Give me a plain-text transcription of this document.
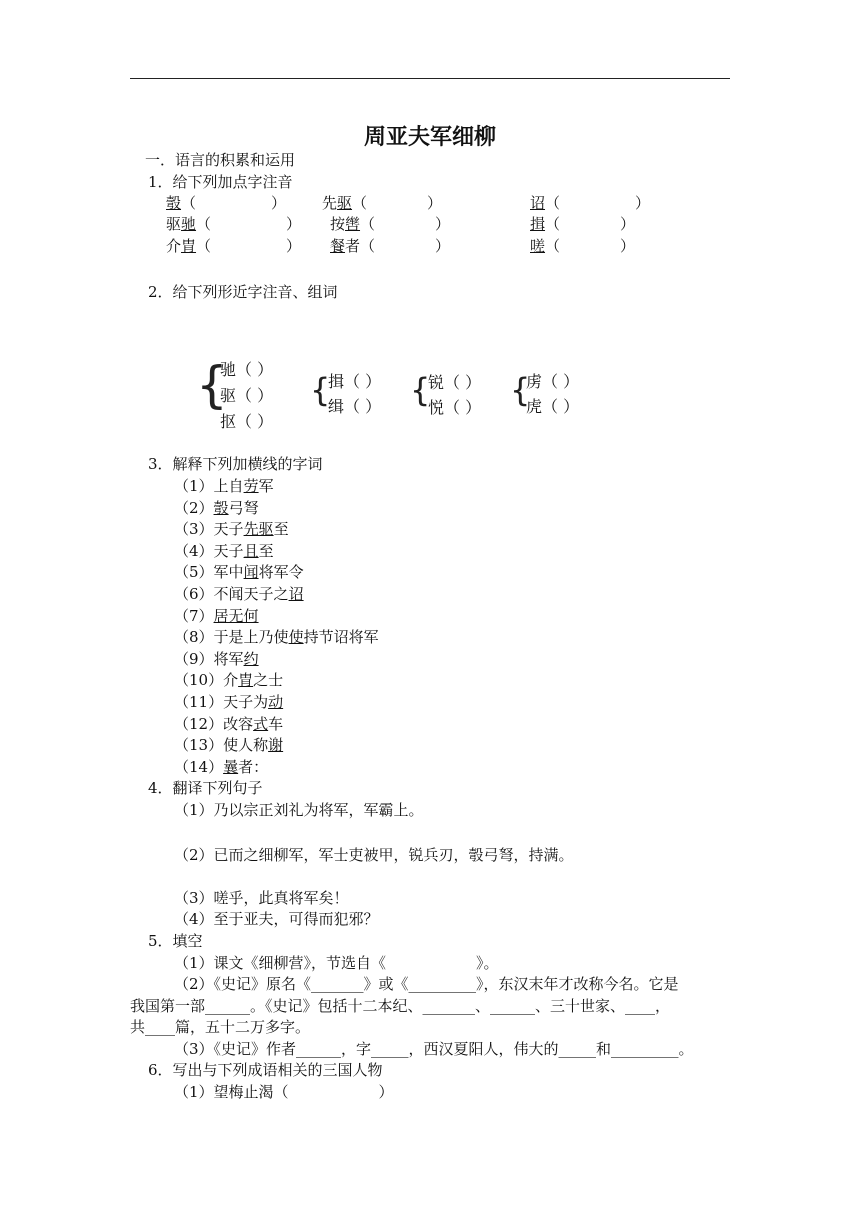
周亚夫军细柳
一．语言的积累和运用
1．给下列加点字注音
彀（　　　　　） 先驱（　　　　）	诏（　　　　　）
驱驰（　　　　　） 按辔（　　　　）	揖（　　　　）
介胄（　　　　　） 餐者（　　　　）	嗟（　　　　）
2．给下列形近字注音、组词
{
驰（ ）
驱（ ）
抠（ ）
{
揖（ ）
缉（ ） {
锐（ ）
悦（ ） {
虏（ ）
虎（ ）
3．解释下列加横线的字词
（1）上自劳军
（2）彀弓弩
（3）天子先驱至
（4）天子且至
（5）军中闻将军令
（6）不闻天子之诏
（7）居无何
（8）于是上乃使使持节诏将军
（9）将军约
（10）介胄之士
（11）天子为动
（12）改容式车
（13）使人称谢
（14）曩者：
4．翻译下列句子
（1）乃以宗正刘礼为将军，军霸上。
（2）已而之细柳军，军士吏被甲，锐兵刃，彀弓弩，持满。
（3）嗟乎，此真将军矣！
（4）至于亚夫，可得而犯邪？
5．填空
（1）课文《细柳营》，节选自《　　　　　　》。
（2）《史记》原名《_______》或《_________》，东汉末年才改称今名。它是
我国第一部______。《史记》包括十二本纪、_______、______、三十世家、____，
共____篇，五十二万多字。
（3）《史记》作者______，字_____，西汉夏阳人，伟大的_____和_________。
6．写出与下列成语相关的三国人物
（1）望梅止渴（　　　　　　）
